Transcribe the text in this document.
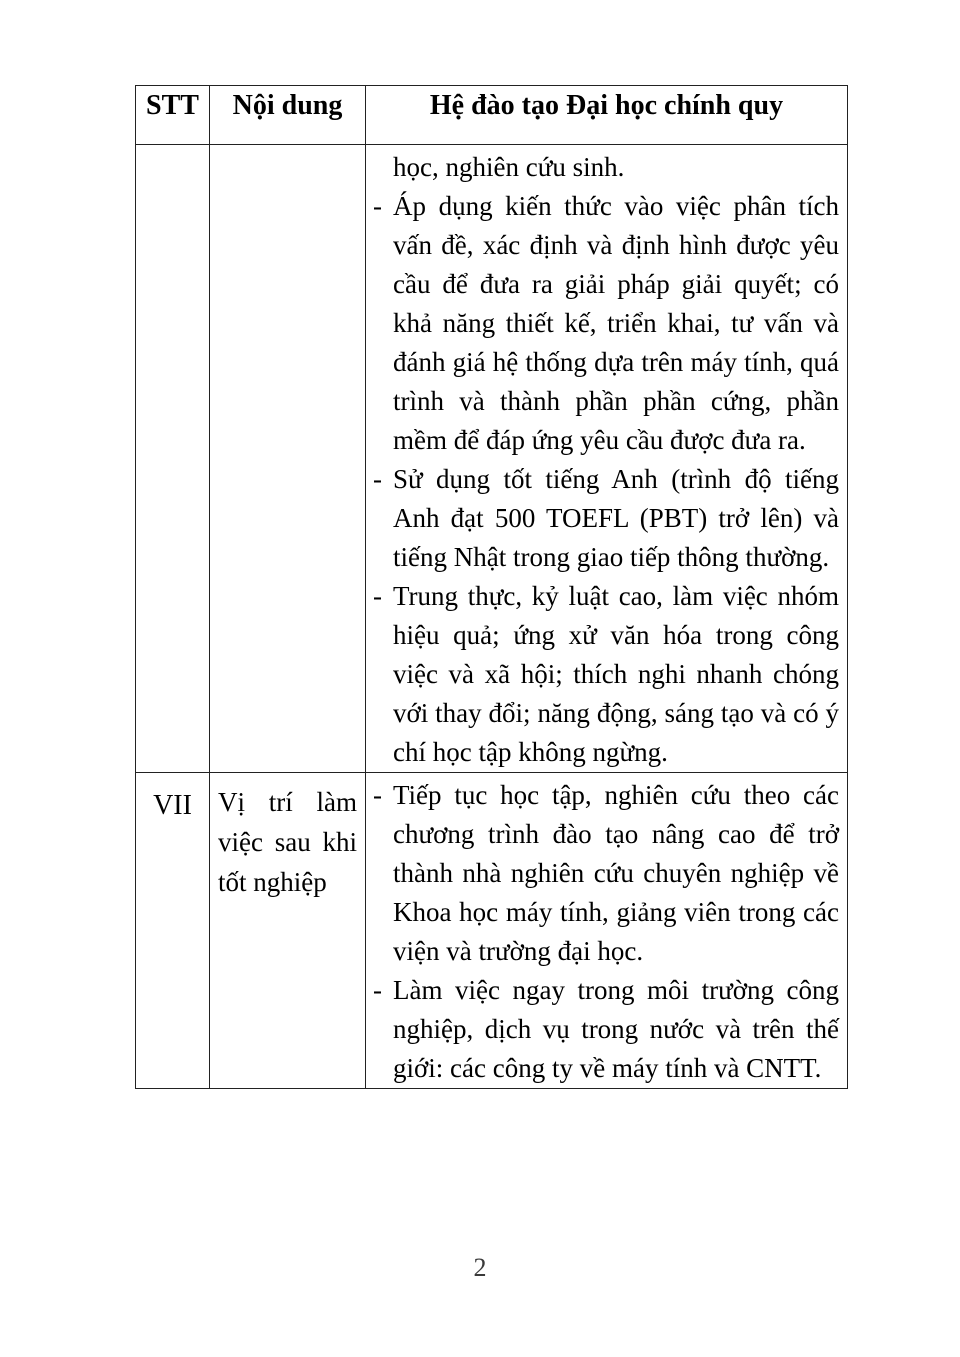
STT	Nội dung	Hệ đào tạo Đại học chính quy

học, nghiên cứu sinh.

- Áp dụng kiến thức vào việc phân tích vấn đề, xác định và định hình được yêu cầu để đưa ra giải pháp giải quyết; có khả năng thiết kế, triển khai, tư vấn và đánh giá hệ thống dựa trên máy tính, quá trình và thành phần phần cứng, phần mềm để đáp ứng yêu cầu được đưa ra.

- Sử dụng tốt tiếng Anh (trình độ tiếng Anh đạt 500 TOEFL (PBT) trở lên) và tiếng Nhật trong giao tiếp thông thường.

- Trung thực, kỷ luật cao, làm việc nhóm hiệu quả; ứng xử văn hóa trong công việc và xã hội; thích nghi nhanh chóng với thay đổi; năng động, sáng tạo và có ý chí học tập không ngừng.

VII	Vị trí làm việc sau khi tốt nghiệp	- Tiếp tục học tập, nghiên cứu theo các chương trình đào tạo nâng cao để trở thành nhà nghiên cứu chuyên nghiệp về Khoa học máy tính, giảng viên trong các viện và trường đại học.

- Làm việc ngay trong môi trường công nghiệp, dịch vụ trong nước và trên thế giới: các công ty về máy tính và CNTT.

2
